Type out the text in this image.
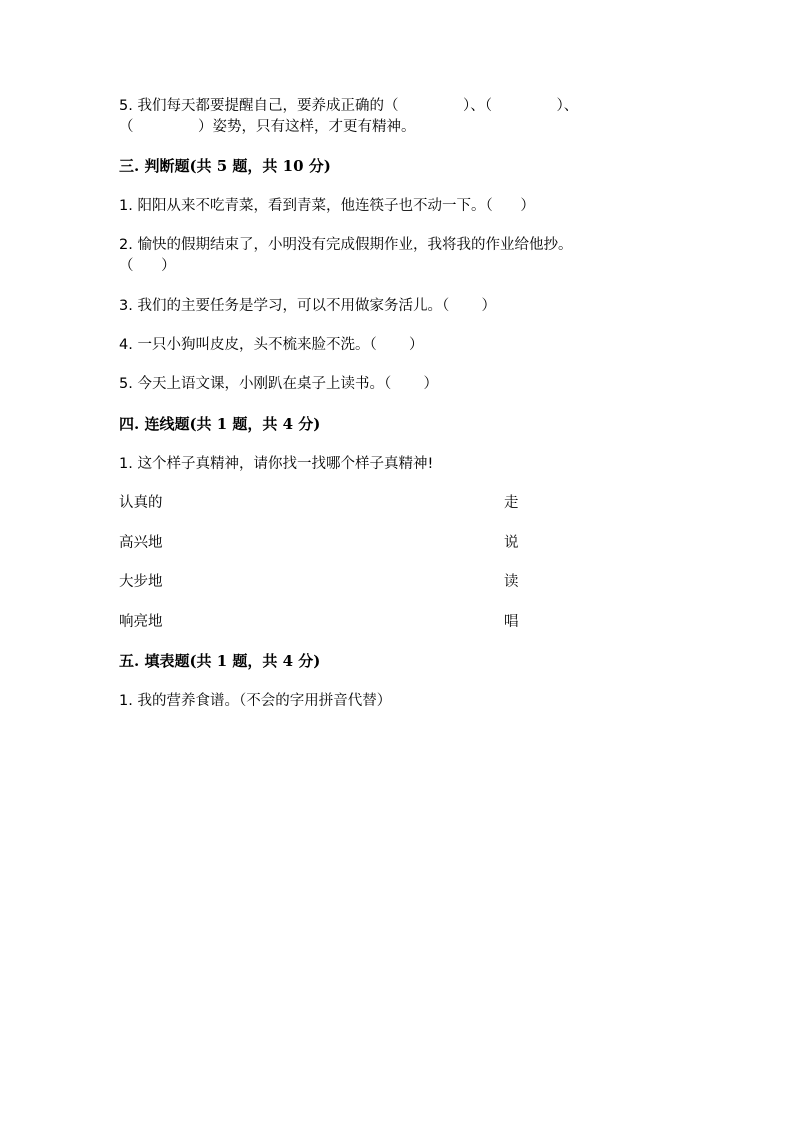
5. 我们每天都要提醒自己，要养成正确的（              ）、（              ）、
（              ）姿势，只有这样，才更有精神。
三. 判断题(共 5 题，共 10 分)
1. 阳阳从来不吃青菜，看到青菜，他连筷子也不动一下。（      ）
2. 愉快的假期结束了，小明没有完成假期作业，我将我的作业给他抄。
（      ）
3. 我们的主要任务是学习，可以不用做家务活儿。（       ）
4. 一只小狗叫皮皮，头不梳来脸不洗。（       ）
5. 今天上语文课，小刚趴在桌子上读书。（       ）
四. 连线题(共 1 题，共 4 分)
1. 这个样子真精神，请你找一找哪个样子真精神!
认真的	走
高兴地	说
大步地	读
响亮地	唱
五. 填表题(共 1 题，共 4 分)
1. 我的营养食谱。（不会的字用拼音代替）
